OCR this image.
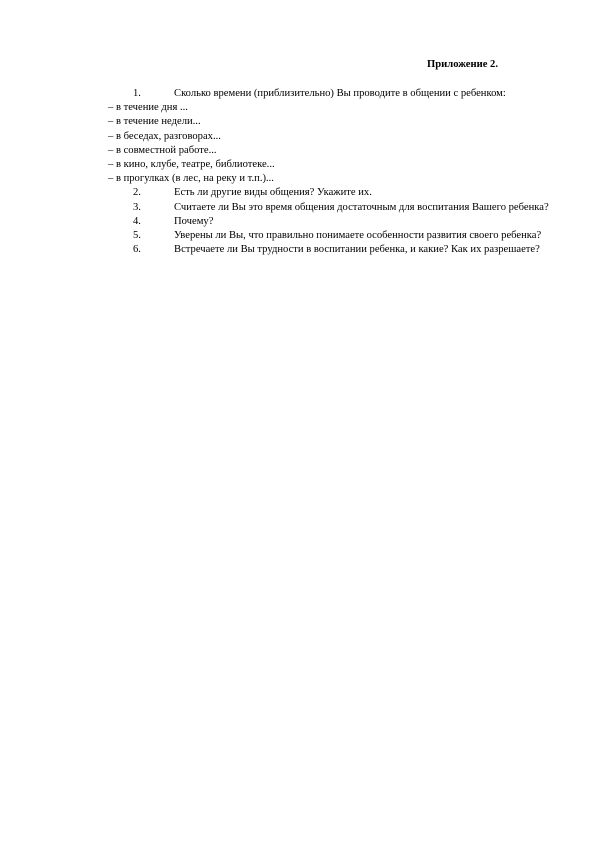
Приложение 2.
1.	Сколько времени (приблизительно) Вы проводите в общении с ребенком:
– в течение дня ...
– в течение недели...
– в беседах, разговорах...
– в совместной работе...
– в кино, клубе, театре, библиотеке...
– в прогулках (в лес, на реку и т.п.)...
2.	Есть ли другие виды общения? Укажите их.
3.	Считаете ли Вы это время общения достаточным для воспитания Вашего ребенка?
4.	Почему?
5.	Уверены ли Вы, что правильно понимаете особенности развития своего ребенка?
6.	Встречаете ли Вы трудности в воспитании ребенка, и какие? Как их разрешаете?
